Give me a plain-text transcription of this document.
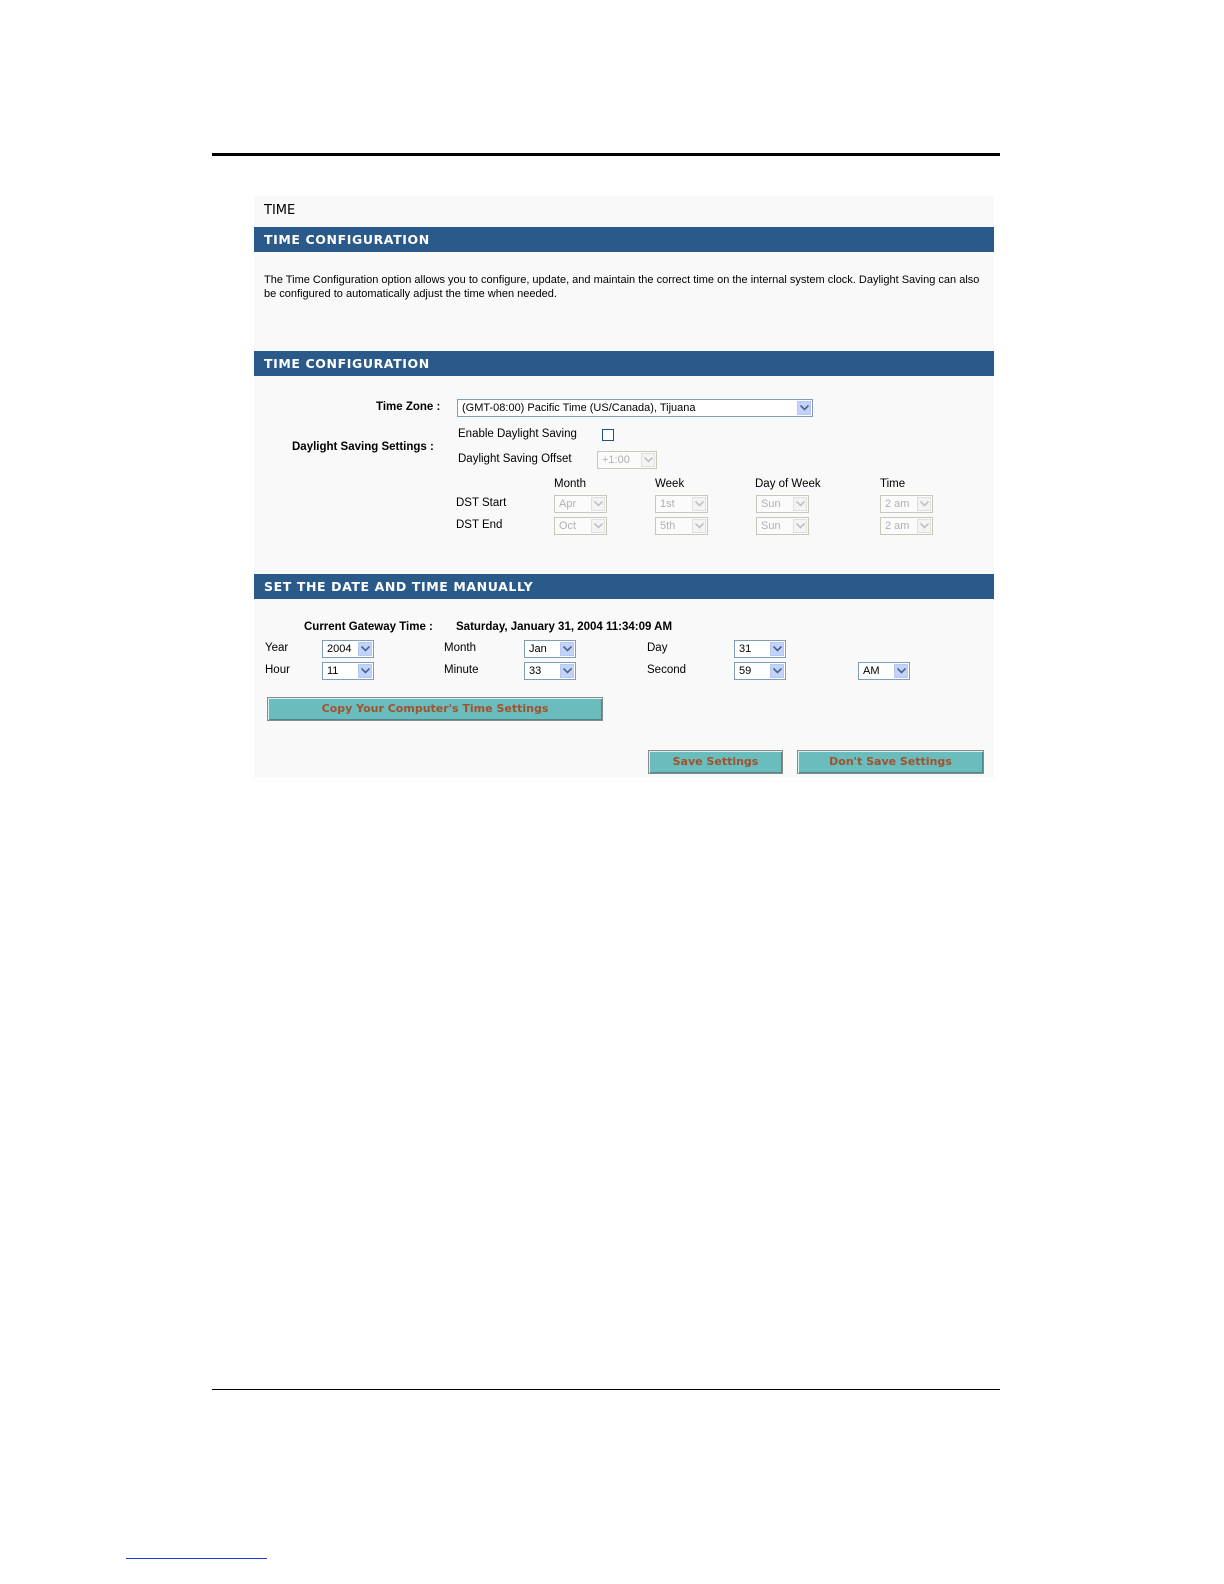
TIME
TIME CONFIGURATION
The Time Configuration option allows you to configure, update, and maintain the correct time on the internal system clock. Daylight Saving can also be configured to automatically adjust the time when needed.
TIME CONFIGURATION
Time Zone :	(GMT-08:00) Pacific Time (US/Canada), Tijuana
Daylight Saving Settings :
Enable Daylight Saving
Daylight Saving Offset	+1:00
Month	Week	Day of Week	Time
DST Start	Apr	1st	Sun	2 am
DST End	Oct	5th	Sun	2 am
SET THE DATE AND TIME MANUALLY
Current Gateway Time : Saturday, January 31, 2004 11:34:09 AM
Year	2004	Month	Jan	Day	31
Hour	11	Minute	33	Second	59	AM
Copy Your Computer's Time Settings
Save Settings	Don't Save Settings
